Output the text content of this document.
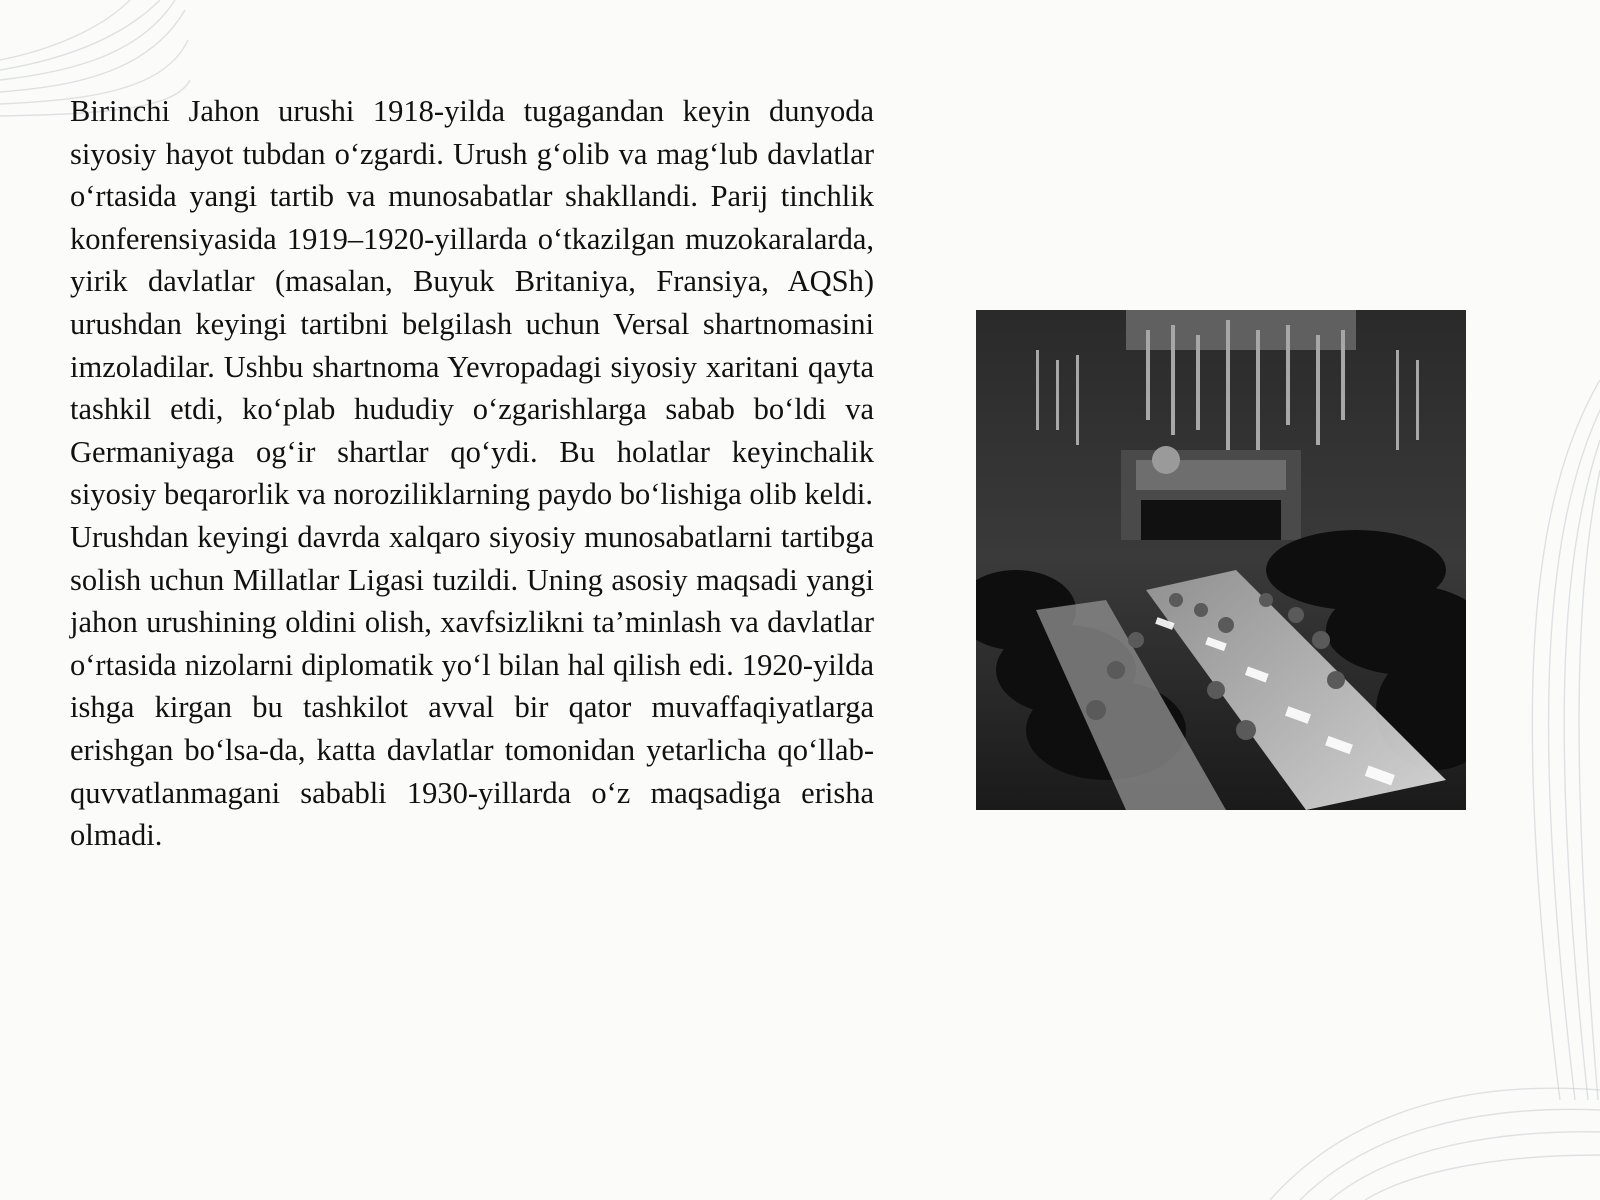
Birinchi Jahon urushi 1918-yilda tugagandan keyin dunyoda siyosiy hayot tubdan o‘zgardi. Urush g‘olib va mag‘lub davlatlar o‘rtasida yangi tartib va munosabatlar shakllandi. Parij tinchlik konferensiyasida 1919–1920-yillarda o‘tkazilgan muzokaralarda, yirik davlatlar (masalan, Buyuk Britaniya, Fransiya, AQSh) urushdan keyingi tartibni belgilash uchun Versal shartnomasini imzoladilar. Ushbu shartnoma Yevropadagi siyosiy xaritani qayta tashkil etdi, ko‘plab hududiy o‘zgarishlarga sabab bo‘ldi va Germaniyaga og‘ir shartlar qo‘ydi. Bu holatlar keyinchalik siyosiy beqarorlik va noroziliklarning paydo bo‘lishiga olib keldi.

Urushdan keyingi davrda xalqaro siyosiy munosabatlarni tartibga solish uchun Millatlar Ligasi tuzildi. Uning asosiy maqsadi yangi jahon urushining oldini olish, xavfsizlikni ta’minlash va davlatlar o‘rtasida nizolarni diplomatik yo‘l bilan hal qilish edi. 1920-yilda ishga kirgan bu tashkilot avval bir qator muvaffaqiyatlarga erishgan bo‘lsa-da, katta davlatlar tomonidan yetarlicha qo‘llab-quvvatlanmagani sababli 1930-yillarda o‘z maqsadiga erisha olmadi.
